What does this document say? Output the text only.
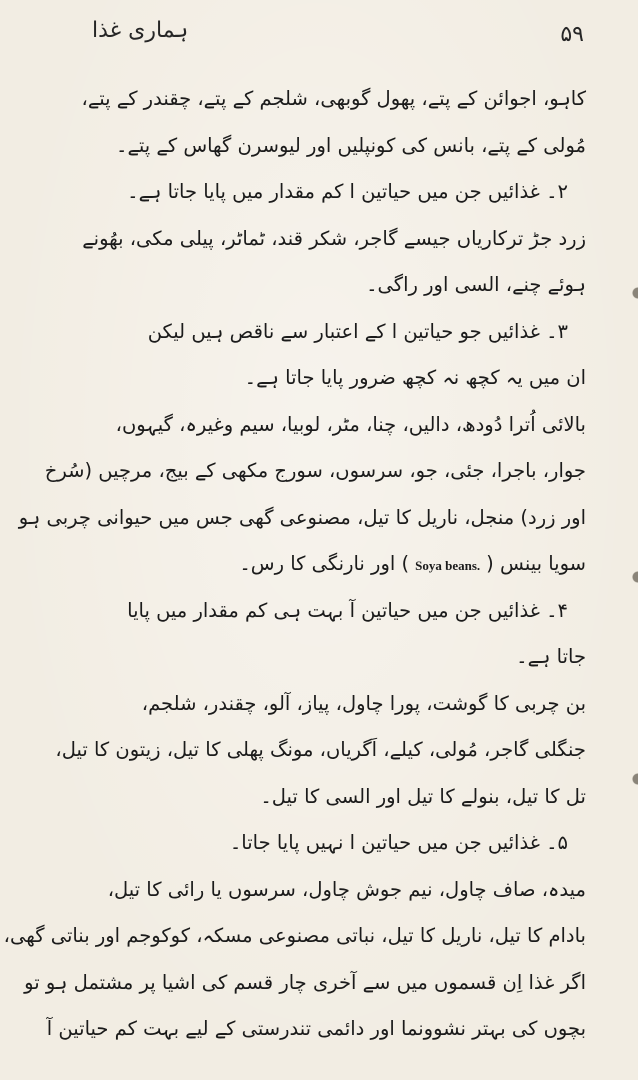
ہماری غذا	۵۹

کاہو، اجوائن کے پتے، پھول گوبھی، شلجم کے پتے، چقندر کے پتے،
مُولی کے پتے، بانس کی کونپلیں اور لیوسرن گھاس کے پتے۔

۲۔ غذائیں جن میں حیاتین ا کم مقدار میں پایا جاتا ہے۔
زرد جڑ ترکاریاں جیسے گاجر، شکر قند، ٹماٹر، پیلی مکی، بھُونے
ہوئے چنے، السی اور راگی۔

۳۔ غذائیں جو حیاتین ا کے اعتبار سے ناقص ہیں لیکن
ان میں یہ کچھ نہ کچھ ضرور پایا جاتا ہے۔
بالائی اُترا دُودھ، دالیں، چنا، مٹر، لوبیا، سیم وغیرہ، گیہوں،
جوار، باجرا، جئی، جو، سرسوں، سورج مکھی کے بیج، مرچیں (سُرخ
اور زرد) منجل، ناریل کا تیل، مصنوعی گھی جس میں حیوانی چربی ہو
سویا بینس (Soya beans.) اور نارنگی کا رس۔

۴۔ غذائیں جن میں حیاتین آ بہت ہی کم مقدار میں پایا
جاتا ہے۔
بن چربی کا گوشت، پورا چاول، پیاز، آلو، چقندر، شلجم،
جنگلی گاجر، مُولی، کیلے، اَگریاں، مونگ پھلی کا تیل، زیتون کا تیل،
تل کا تیل، بنولے کا تیل اور السی کا تیل۔

۵۔ غذائیں جن میں حیاتین ا نہیں پایا جاتا۔
میدہ، صاف چاول، نیم جوش چاول، سرسوں یا رائی کا تیل،
بادام کا تیل، ناریل کا تیل، نباتی مصنوعی مسکہ، کوکوجم اور بناتی گھی،
اگر غذا اِن قسموں میں سے آخری چار قسم کی اشیا پر مشتمل ہو تو
بچوں کی بہتر نشوونما اور دائمی تندرستی کے لیے بہت کم حیاتین آ
